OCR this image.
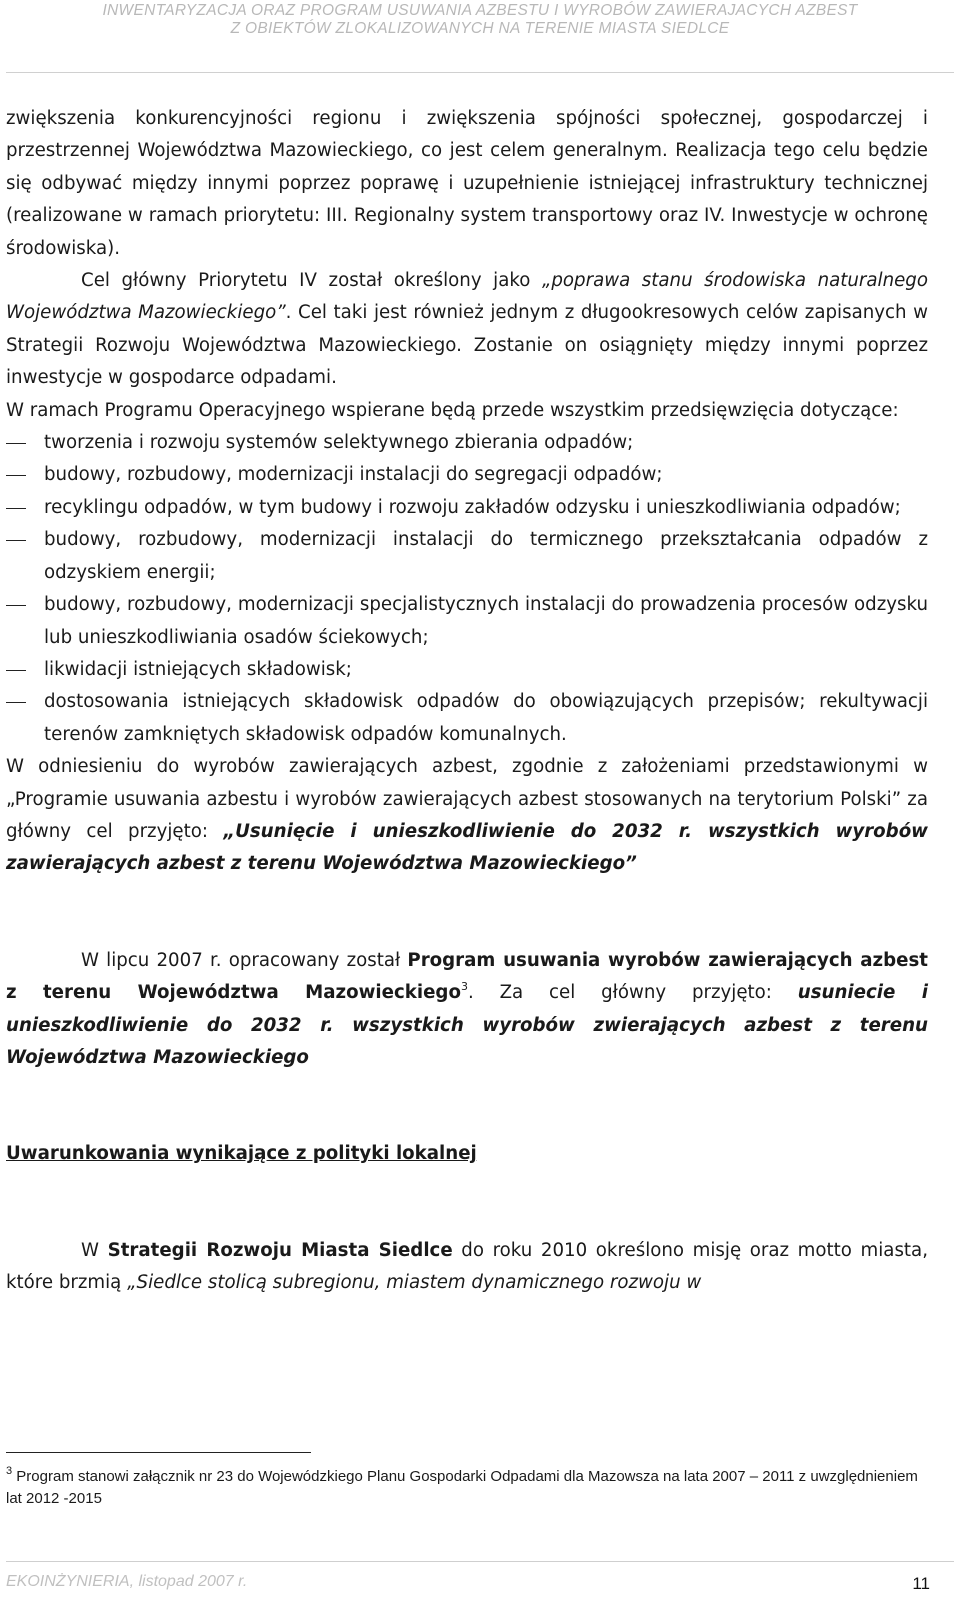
INWENTARYZACJA ORAZ PROGRAM USUWANIA AZBESTU I WYROBÓW ZAWIERAJACYCH AZBEST
Z OBIEKTÓW ZLOKALIZOWANYCH NA TERENIE MIASTA SIEDLCE

zwiększenia konkurencyjności regionu i zwiększenia spójności społecznej, gospodarczej i przestrzennej Województwa Mazowieckiego, co jest celem generalnym. Realizacja tego celu będzie się odbywać między innymi poprzez poprawę i uzupełnienie istniejącej infrastruktury technicznej (realizowane w ramach priorytetu: III. Regionalny system transportowy oraz IV. Inwestycje w ochronę środowiska).

Cel główny Priorytetu IV został określony jako „poprawa stanu środowiska naturalnego Województwa Mazowieckiego”. Cel taki jest również jednym z długookresowych celów zapisanych w Strategii Rozwoju Województwa Mazowieckiego. Zostanie on osiągnięty między innymi poprzez inwestycje w gospodarce odpadami.

W ramach Programu Operacyjnego wspierane będą przede wszystkim przedsięwzięcia dotyczące:

tworzenia i rozwoju systemów selektywnego zbierania odpadów;
budowy, rozbudowy, modernizacji instalacji do segregacji odpadów;
recyklingu odpadów, w tym budowy i rozwoju zakładów odzysku i unieszkodliwiania odpadów;
budowy, rozbudowy, modernizacji instalacji do termicznego przekształcania odpadów z odzyskiem energii;
budowy, rozbudowy, modernizacji specjalistycznych instalacji do prowadzenia procesów odzysku lub unieszkodliwiania osadów ściekowych;
likwidacji istniejących składowisk;
dostosowania istniejących składowisk odpadów do obowiązujących przepisów; rekultywacji terenów zamkniętych składowisk odpadów komunalnych.

W odniesieniu do wyrobów zawierających azbest, zgodnie z założeniami przedstawionymi w „Programie usuwania azbestu i wyrobów zawierających azbest stosowanych na terytorium Polski” za główny cel przyjęto: „Usunięcie i unieszkodliwienie do 2032 r. wszystkich wyrobów zawierających azbest z terenu Województwa Mazowieckiego”

W lipcu 2007 r. opracowany został Program usuwania wyrobów zawierających azbest z terenu Województwa Mazowieckiego$^3$. Za cel główny przyjęto: usuniecie i unieszkodliwienie do 2032 r. wszystkich wyrobów zwierających azbest z terenu Województwa Mazowieckiego

Uwarunkowania wynikające z polityki lokalnej

W Strategii Rozwoju Miasta Siedlce do roku 2010 określono misję oraz motto miasta, które brzmią „Siedlce stolicą subregionu, miastem dynamicznego rozwoju w

$^3$ Program stanowi załącznik nr 23 do Wojewódzkiego Planu Gospodarki Odpadami dla Mazowsza na lata 2007 – 2011 z uwzględnieniem lat 2012 -2015
EKOINŻYNIERIA, listopad 2007 r.	11
